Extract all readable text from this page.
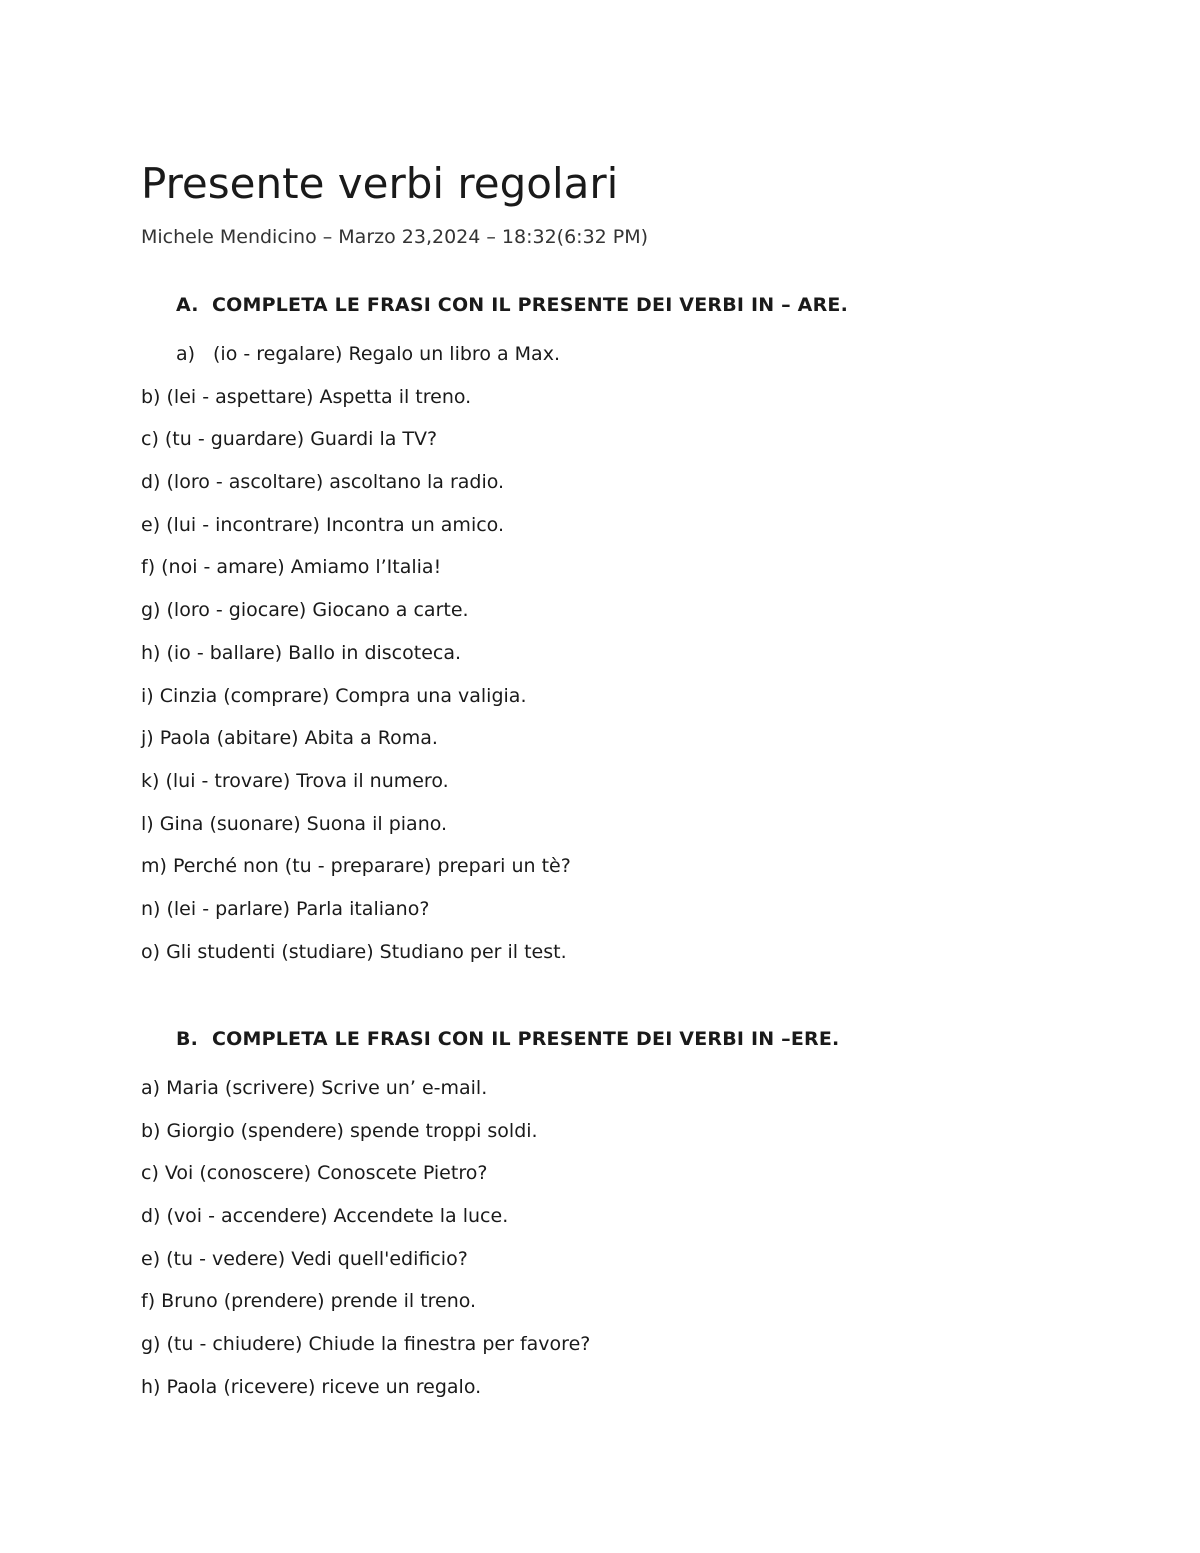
Presente verbi regolari

Michele Mendicino – Marzo 23,2024 – 18:32(6:32 PM)

A. COMPLETA LE FRASI CON IL PRESENTE DEI VERBI IN – ARE.
a) (io - regalare) Regalo un libro a Max.
b) (lei - aspettare) Aspetta il treno.
c) (tu - guardare) Guardi la TV?
d) (loro - ascoltare) ascoltano la radio.
e) (lui - incontrare) Incontra un amico.
f) (noi - amare) Amiamo l’Italia!
g) (loro - giocare) Giocano a carte.
h) (io - ballare) Ballo in discoteca.
i) Cinzia (comprare) Compra una valigia.
j) Paola (abitare) Abita a Roma.
k) (lui - trovare) Trova il numero.
l) Gina (suonare) Suona il piano.
m) Perché non (tu - preparare) prepari un tè?
n) (lei - parlare) Parla italiano?
o) Gli studenti (studiare) Studiano per il test.
B. COMPLETA LE FRASI CON IL PRESENTE DEI VERBI IN –ERE.
a) Maria (scrivere) Scrive un’ e-mail.
b) Giorgio (spendere) spende troppi soldi.
c) Voi (conoscere) Conoscete Pietro?
d) (voi - accendere) Accendete la luce.
e) (tu - vedere) Vedi quell'edificio?
f) Bruno (prendere) prende il treno.
g) (tu - chiudere) Chiude la finestra per favore?
h) Paola (ricevere) riceve un regalo.
